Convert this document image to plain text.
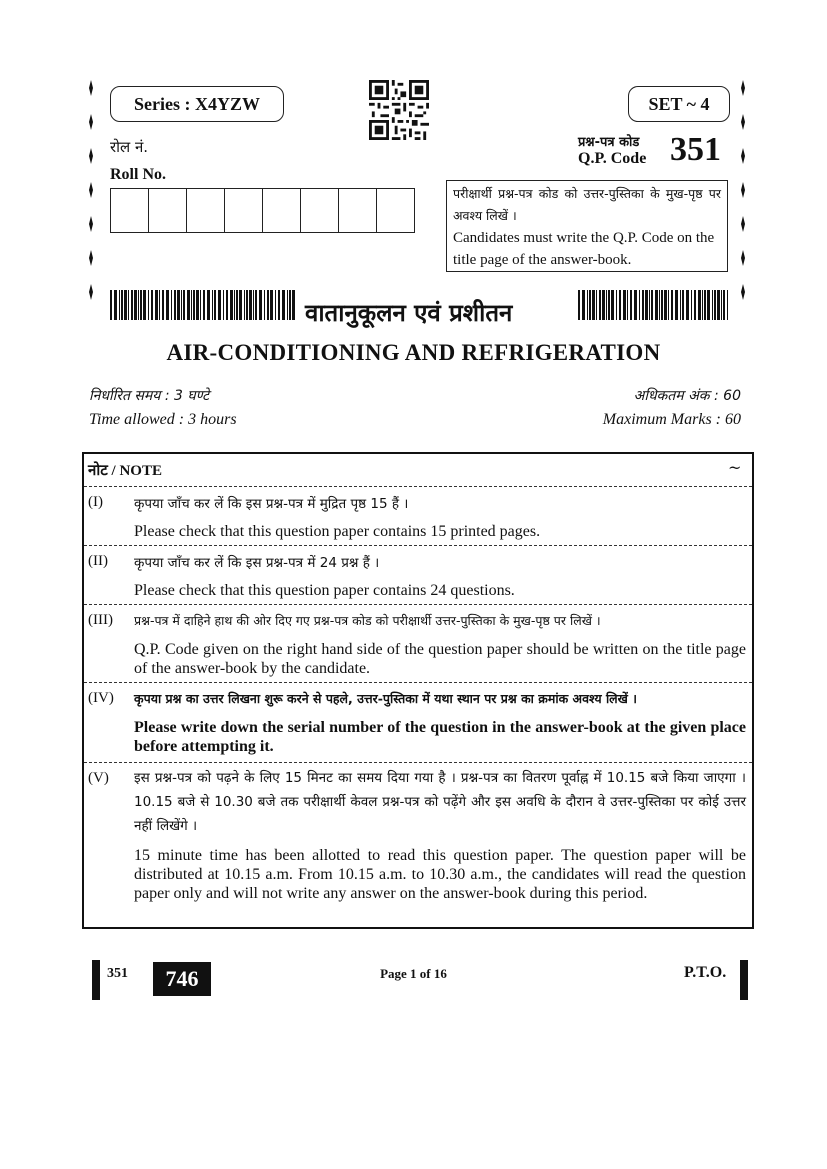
Series : X4YZW	SET ~ 4
रोल नं.
Roll No.
प्रश्न-पत्र कोड
Q.P. Code 351
परीक्षार्थी प्रश्न-पत्र कोड को उत्तर-पुस्तिका के मुख-पृष्ठ पर अवश्य लिखें ।
Candidates must write the Q.P. Code on the title page of the answer-book.
वातानुकूलन एवं प्रशीतन
AIR-CONDITIONING AND REFRIGERATION
निर्धारित समय : 3 घण्टे
Time allowed : 3 hours
अधिकतम अंक : 60
Maximum Marks : 60
नोट / NOTE	~
(I) कृपया जाँच कर लें कि इस प्रश्न-पत्र में मुद्रित पृष्ठ 15 हैं ।
Please check that this question paper contains 15 printed pages.
(II) कृपया जाँच कर लें कि इस प्रश्न-पत्र में 24 प्रश्न हैं ।
Please check that this question paper contains 24 questions.
(III) प्रश्न-पत्र में दाहिने हाथ की ओर दिए गए प्रश्न-पत्र कोड को परीक्षार्थी उत्तर-पुस्तिका के मुख-पृष्ठ पर लिखें ।
Q.P. Code given on the right hand side of the question paper should be written on the title page of the answer-book by the candidate.
(IV) कृपया प्रश्न का उत्तर लिखना शुरू करने से पहले, उत्तर-पुस्तिका में यथा स्थान पर प्रश्न का क्रमांक अवश्य लिखें ।
Please write down the serial number of the question in the answer-book at the given place before attempting it.
(V) इस प्रश्न-पत्र को पढ़ने के लिए 15 मिनट का समय दिया गया है । प्रश्न-पत्र का वितरण पूर्वाह्न में 10.15 बजे किया जाएगा । 10.15 बजे से 10.30 बजे तक परीक्षार्थी केवल प्रश्न-पत्र को पढ़ेंगे और इस अवधि के दौरान वे उत्तर-पुस्तिका पर कोई उत्तर नहीं लिखेंगे ।
15 minute time has been allotted to read this question paper. The question paper will be distributed at 10.15 a.m. From 10.15 a.m. to 10.30 a.m., the candidates will read the question paper only and will not write any answer on the answer-book during this period.
351	746	Page 1 of 16	P.T.O.
